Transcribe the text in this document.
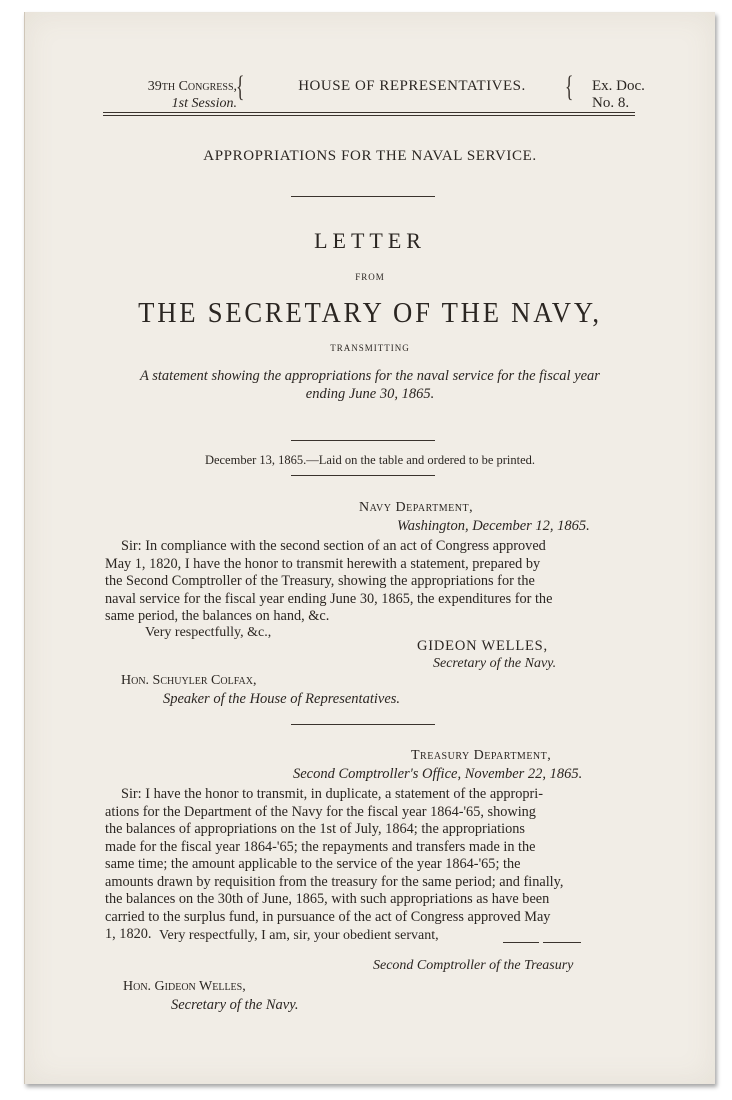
39th Congress,
1st Session.
{	HOUSE OF REPRESENTATIVES.	{ Ex. Doc.
No. 8.
APPROPRIATIONS FOR THE NAVAL SERVICE.
LETTER
FROM
THE SECRETARY OF THE NAVY,
TRANSMITTING
A statement showing the appropriations for the naval service for the fiscal year
ending June 30, 1865.
December 13, 1865.—Laid on the table and ordered to be printed.
Navy Department,
Washington, December 12, 1865.

Sir: In compliance with the second section of an act of Congress approved

May 1, 1820, I have the honor to transmit herewith a statement, prepared by

the Second Comptroller of the Treasury, showing the appropriations for the

naval service for the fiscal year ending June 30, 1865, the expenditures for the

same period, the balances on hand, &c.

Very respectfully, &c.,
GIDEON WELLES,
Secretary of the Navy.
Hon. Schuyler Colfax,
Speaker of the House of Representatives.
Treasury Department,
Second Comptroller's Office, November 22, 1865.

Sir: I have the honor to transmit, in duplicate, a statement of the appropri-

ations for the Department of the Navy for the fiscal year 1864-'65, showing

the balances of appropriations on the 1st of July, 1864; the appropriations

made for the fiscal year 1864-'65; the repayments and transfers made in the

same time; the amount applicable to the service of the year 1864-'65; the

amounts drawn by requisition from the treasury for the same period; and finally,

the balances on the 30th of June, 1865, with such appropriations as have been

carried to the surplus fund, in pursuance of the act of Congress approved May

1, 1820. Very respectfully, I am, sir, your obedient servant,
Second Comptroller of the Treasury
Hon. Gideon Welles,
Secretary of the Navy.
